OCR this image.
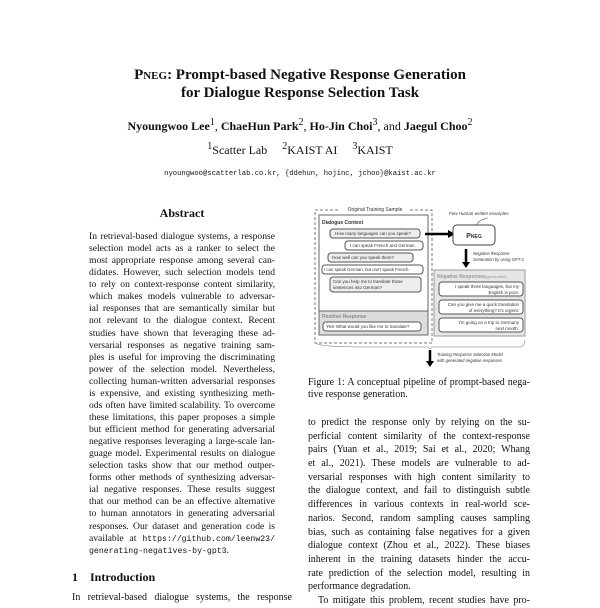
Pneg: Prompt-based Negative Response Generation
for Dialogue Response Selection Task
Nyoungwoo Lee$^1$, ChaeHun Park$^2$, Ho-Jin Choi$^3$, and Jaegul Choo$^2$
$^1$Scatter Lab $^2$KAIST AI $^3$KAIST
nyoungwoo@scatterlab.co.kr, {ddehun, hojinc, jchoo}@kaist.ac.kr
Abstract
In retrieval-based dialogue systems, a response
selection model acts as a ranker to select the
most appropriate response among several can-
didates. However, such selection models tend
to rely on context-response content similarity,
which makes models vulnerable to adversar-
ial responses that are semantically similar but
not relevant to the dialogue context. Recent
studies have shown that leveraging these ad-
versarial responses as negative training sam-
ples is useful for improving the discriminating
power of the selection model. Nevertheless,
collecting human-written adversarial responses
is expensive, and existing synthesizing meth-
ods often have limited scalability. To overcome
these limitations, this paper proposes a simple
but efficient method for generating adversarial
negative responses leveraging a large-scale lan-
guage model. Experimental results on dialogue
selection tasks show that our method outper-
forms other methods of synthesizing adversar-
ial negative responses. These results suggest
that our method can be an effective alternative
to human annotators in generating adversarial
responses. Our dataset and generation code is
available at https://github.com/leenw23/
generating-negatives-by-gpt3.
1 Introduction
In retrieval-based dialogue systems, the response
Original Training Sample
Dialogue Context
How many languages can you speak?
I can speak French and German.
How well can you speak them?
I can speak German, but can't speak French.
Can you help me to translate these
sentences into German?
Positive Response
Yes! What would you like me to translate?
Few Human-written examples
Pneg
Negative Response
Generation by using GPT-3
Negative Responses (generated)
I speak three languages, but my
English is poor.
Can you give me a quick translation
of everything? It's urgent.
I'm going on a trip to Germany
next month.
Training Response Selection Model
with generated negative responses
Figure 1: A conceptual pipeline of prompt-based nega-
tive response generation.
to predict the response only by relying on the su-
perficial content similarity of the context-response
pairs (Yuan et al., 2019; Sai et al., 2020; Whang
et al., 2021). These models are vulnerable to ad-
versarial responses with high content similarity to
the dialogue context, and fail to distinguish subtle
differences in various contexts in real-world sce-
narios. Second, random sampling causes sampling
bias, such as containing false negatives for a given
dialogue context (Zhou et al., 2022). These biases
inherent in the training datasets hinder the accu-
rate prediction of the selection model, resulting in
performance degradation.
To mitigate this problem, recent studies have pro-
